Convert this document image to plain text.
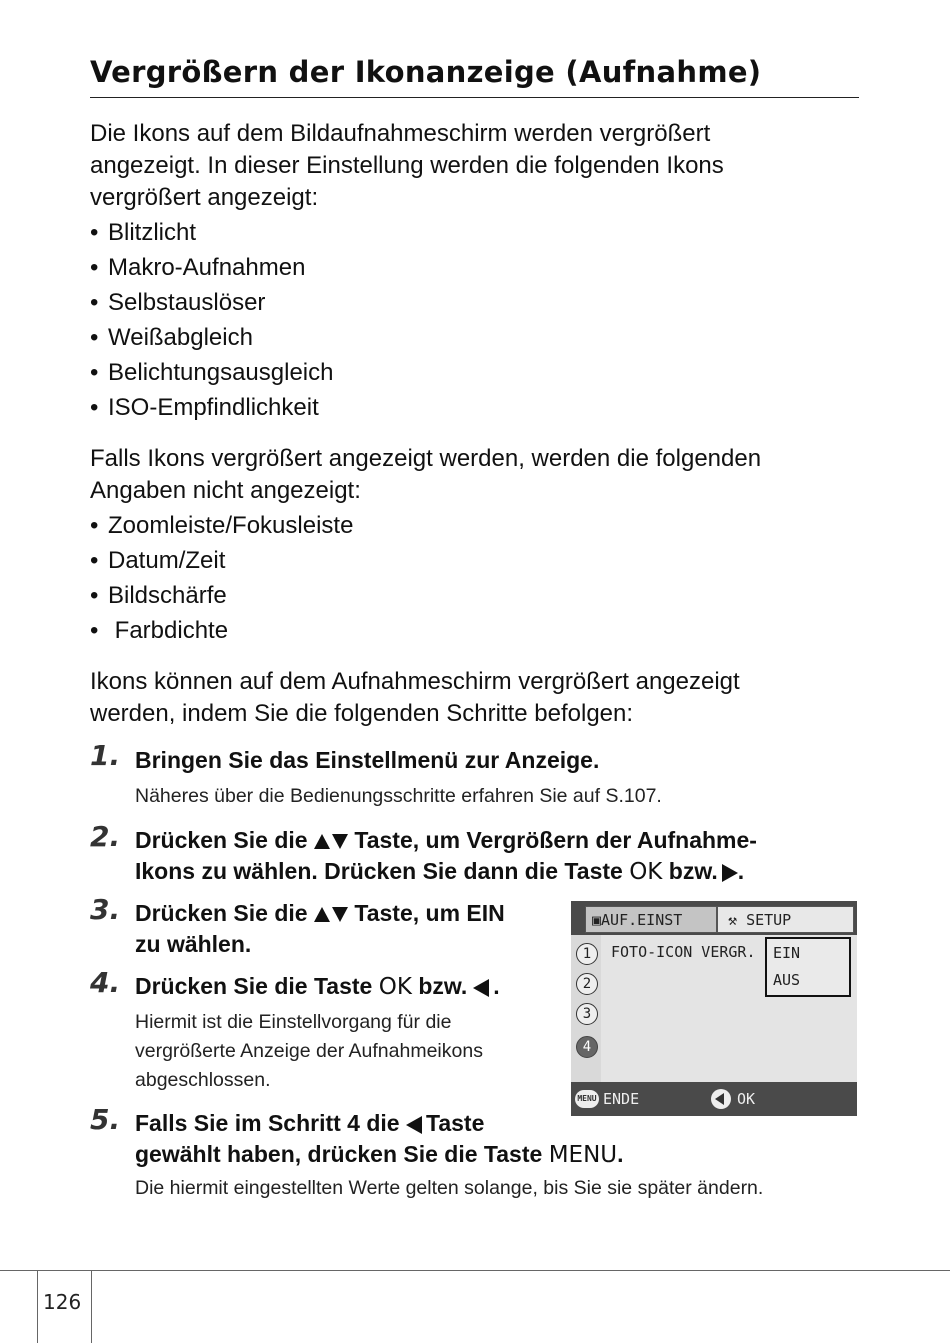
Vergrößern der Ikonanzeige (Aufnahme)

Die Ikons auf dem Bildaufnahmeschirm werden vergrößert
angezeigt. In dieser Einstellung werden die folgenden Ikons
vergrößert angezeigt:

• Blitzlicht
• Makro-Aufnahmen
• Selbstauslöser
• Weißabgleich
• Belichtungsausgleich
• ISO-Empfindlichkeit

Falls Ikons vergrößert angezeigt werden, werden die folgenden
Angaben nicht angezeigt:

• Zoomleiste/Fokusleiste
• Datum/Zeit
• Bildschärfe
• Farbdichte

Ikons können auf dem Aufnahmeschirm vergrößert angezeigt
werden, indem Sie die folgenden Schritte befolgen:

1. Bringen Sie das Einstellmenü zur Anzeige.

Näheres über die Bedienungsschritte erfahren Sie auf S.107.

2. Drücken Sie die Taste, um Vergrößern der Aufnahme-
Ikons zu wählen. Drücken Sie dann die Taste OK bzw. .

3. Drücken Sie die Taste, um EIN
zu wählen.

4. Drücken Sie die Taste OK bzw. .

Hiermit ist die Einstellvorgang für die
vergrößerte Anzeige der Aufnahmeikons
abgeschlossen.

▣AUF.EINST	⚒ SETUP
1
2
3
4
FOTO-ICON VERGR. EIN
AUS
MENU ENDE	OK
5. Falls Sie im Schritt 4 die Taste
gewählt haben, drücken Sie die Taste MENU.

Die hiermit eingestellten Werte gelten solange, bis Sie sie später ändern.

126
